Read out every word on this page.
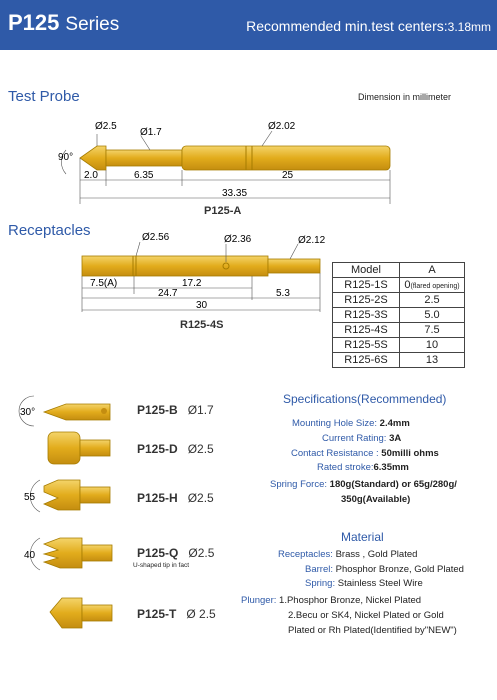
P125 Series	Recommended min.test centers:3.18mm
Test Probe	Dimension in millimeter
Ø2.5
Ø1.7
Ø2.02
90°
2.0	6.35	25
33.35
P125-A
Ø2.56	Ø2.36	Ø2.12
7.5(A)	17.2
24.7	5.3
30
R125-4S
30°
55
40
Receptacles
Model	A
R125-1S	0(flared opening)
R125-2S	2.5
R125-3S	5.0
R125-4S	7.5
R125-5S	10
R125-6S	13
P125-B Ø1.7
P125-D Ø2.5
P125-H Ø2.5
P125-Q Ø2.5
U-shaped tip in fact
P125-T Ø 2.5
Specifications(Recommended)
Mounting Hole Size: 2.4mm
Current Rating: 3A
Contact Resistance : 50milli ohms
Rated stroke:6.35mm
Spring Force: 180g(Standard) or 65g/280g/
350g(Available)
Material
Receptacles: Brass , Gold Plated
Barrel: Phosphor Bronze, Gold Plated
Spring: Stainless Steel Wire
Plunger: 1.Phosphor Bronze, Nickel Plated
2.Becu or SK4, Nickel Plated or Gold
Plated or Rh Plated(Identified by"NEW")
